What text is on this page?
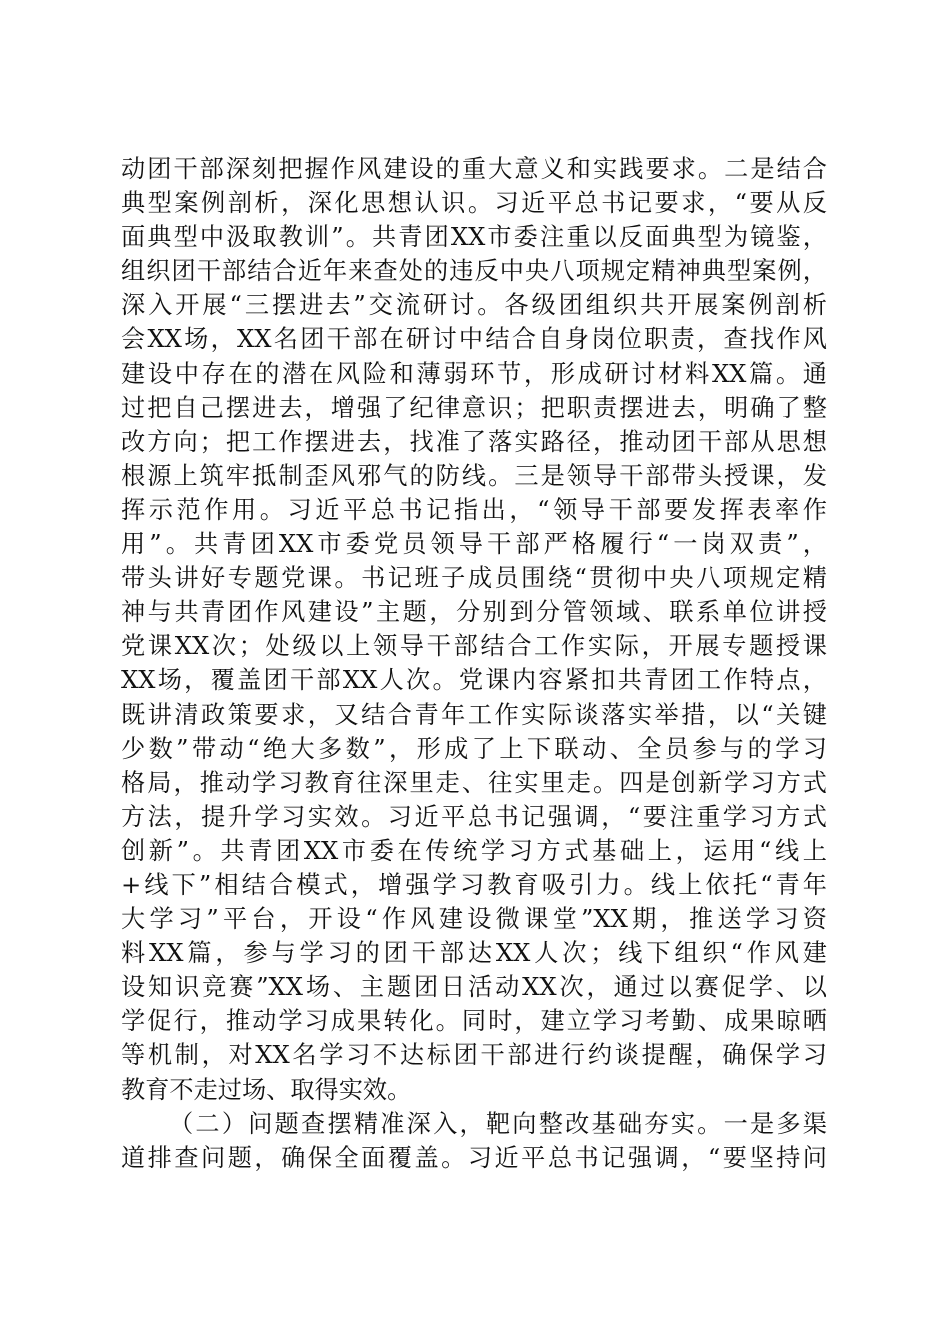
动团干部深刻把握作风建设的重大意义和实践要求。二是结合
典型案例剖析，深化思想认识。习近平总书记要求，“要从反
面典型中汲取教训”。共青团XX市委注重以反面典型为镜鉴，
组织团干部结合近年来查处的违反中央八项规定精神典型案例，
深入开展“三摆进去”交流研讨。各级团组织共开展案例剖析
会XX场，XX名团干部在研讨中结合自身岗位职责，查找作风
建设中存在的潜在风险和薄弱环节，形成研讨材料XX篇。通
过把自己摆进去，增强了纪律意识；把职责摆进去，明确了整
改方向；把工作摆进去，找准了落实路径，推动团干部从思想
根源上筑牢抵制歪风邪气的防线。三是领导干部带头授课，发
挥示范作用。习近平总书记指出，“领导干部要发挥表率作
用”。共青团XX市委党员领导干部严格履行“一岗双责”，
带头讲好专题党课。书记班子成员围绕“贯彻中央八项规定精
神与共青团作风建设”主题，分别到分管领域、联系单位讲授
党课XX次；处级以上领导干部结合工作实际，开展专题授课
XX场，覆盖团干部XX人次。党课内容紧扣共青团工作特点，
既讲清政策要求，又结合青年工作实际谈落实举措，以“关键
少数”带动“绝大多数”，形成了上下联动、全员参与的学习
格局，推动学习教育往深里走、往实里走。四是创新学习方式
方法，提升学习实效。习近平总书记强调，“要注重学习方式
创新”。共青团XX市委在传统学习方式基础上，运用“线上
+线下”相结合模式，增强学习教育吸引力。线上依托“青年
大学习”平台，开设“作风建设微课堂”XX期，推送学习资
料XX篇，参与学习的团干部达XX人次；线下组织“作风建
设知识竞赛”XX场、主题团日活动XX次，通过以赛促学、以
学促行，推动学习成果转化。同时，建立学习考勤、成果晾晒
等机制，对XX名学习不达标团干部进行约谈提醒，确保学习
教育不走过场、取得实效。
（二）问题查摆精准深入，靶向整改基础夯实。一是多渠
道排查问题，确保全面覆盖。习近平总书记强调，“要坚持问
